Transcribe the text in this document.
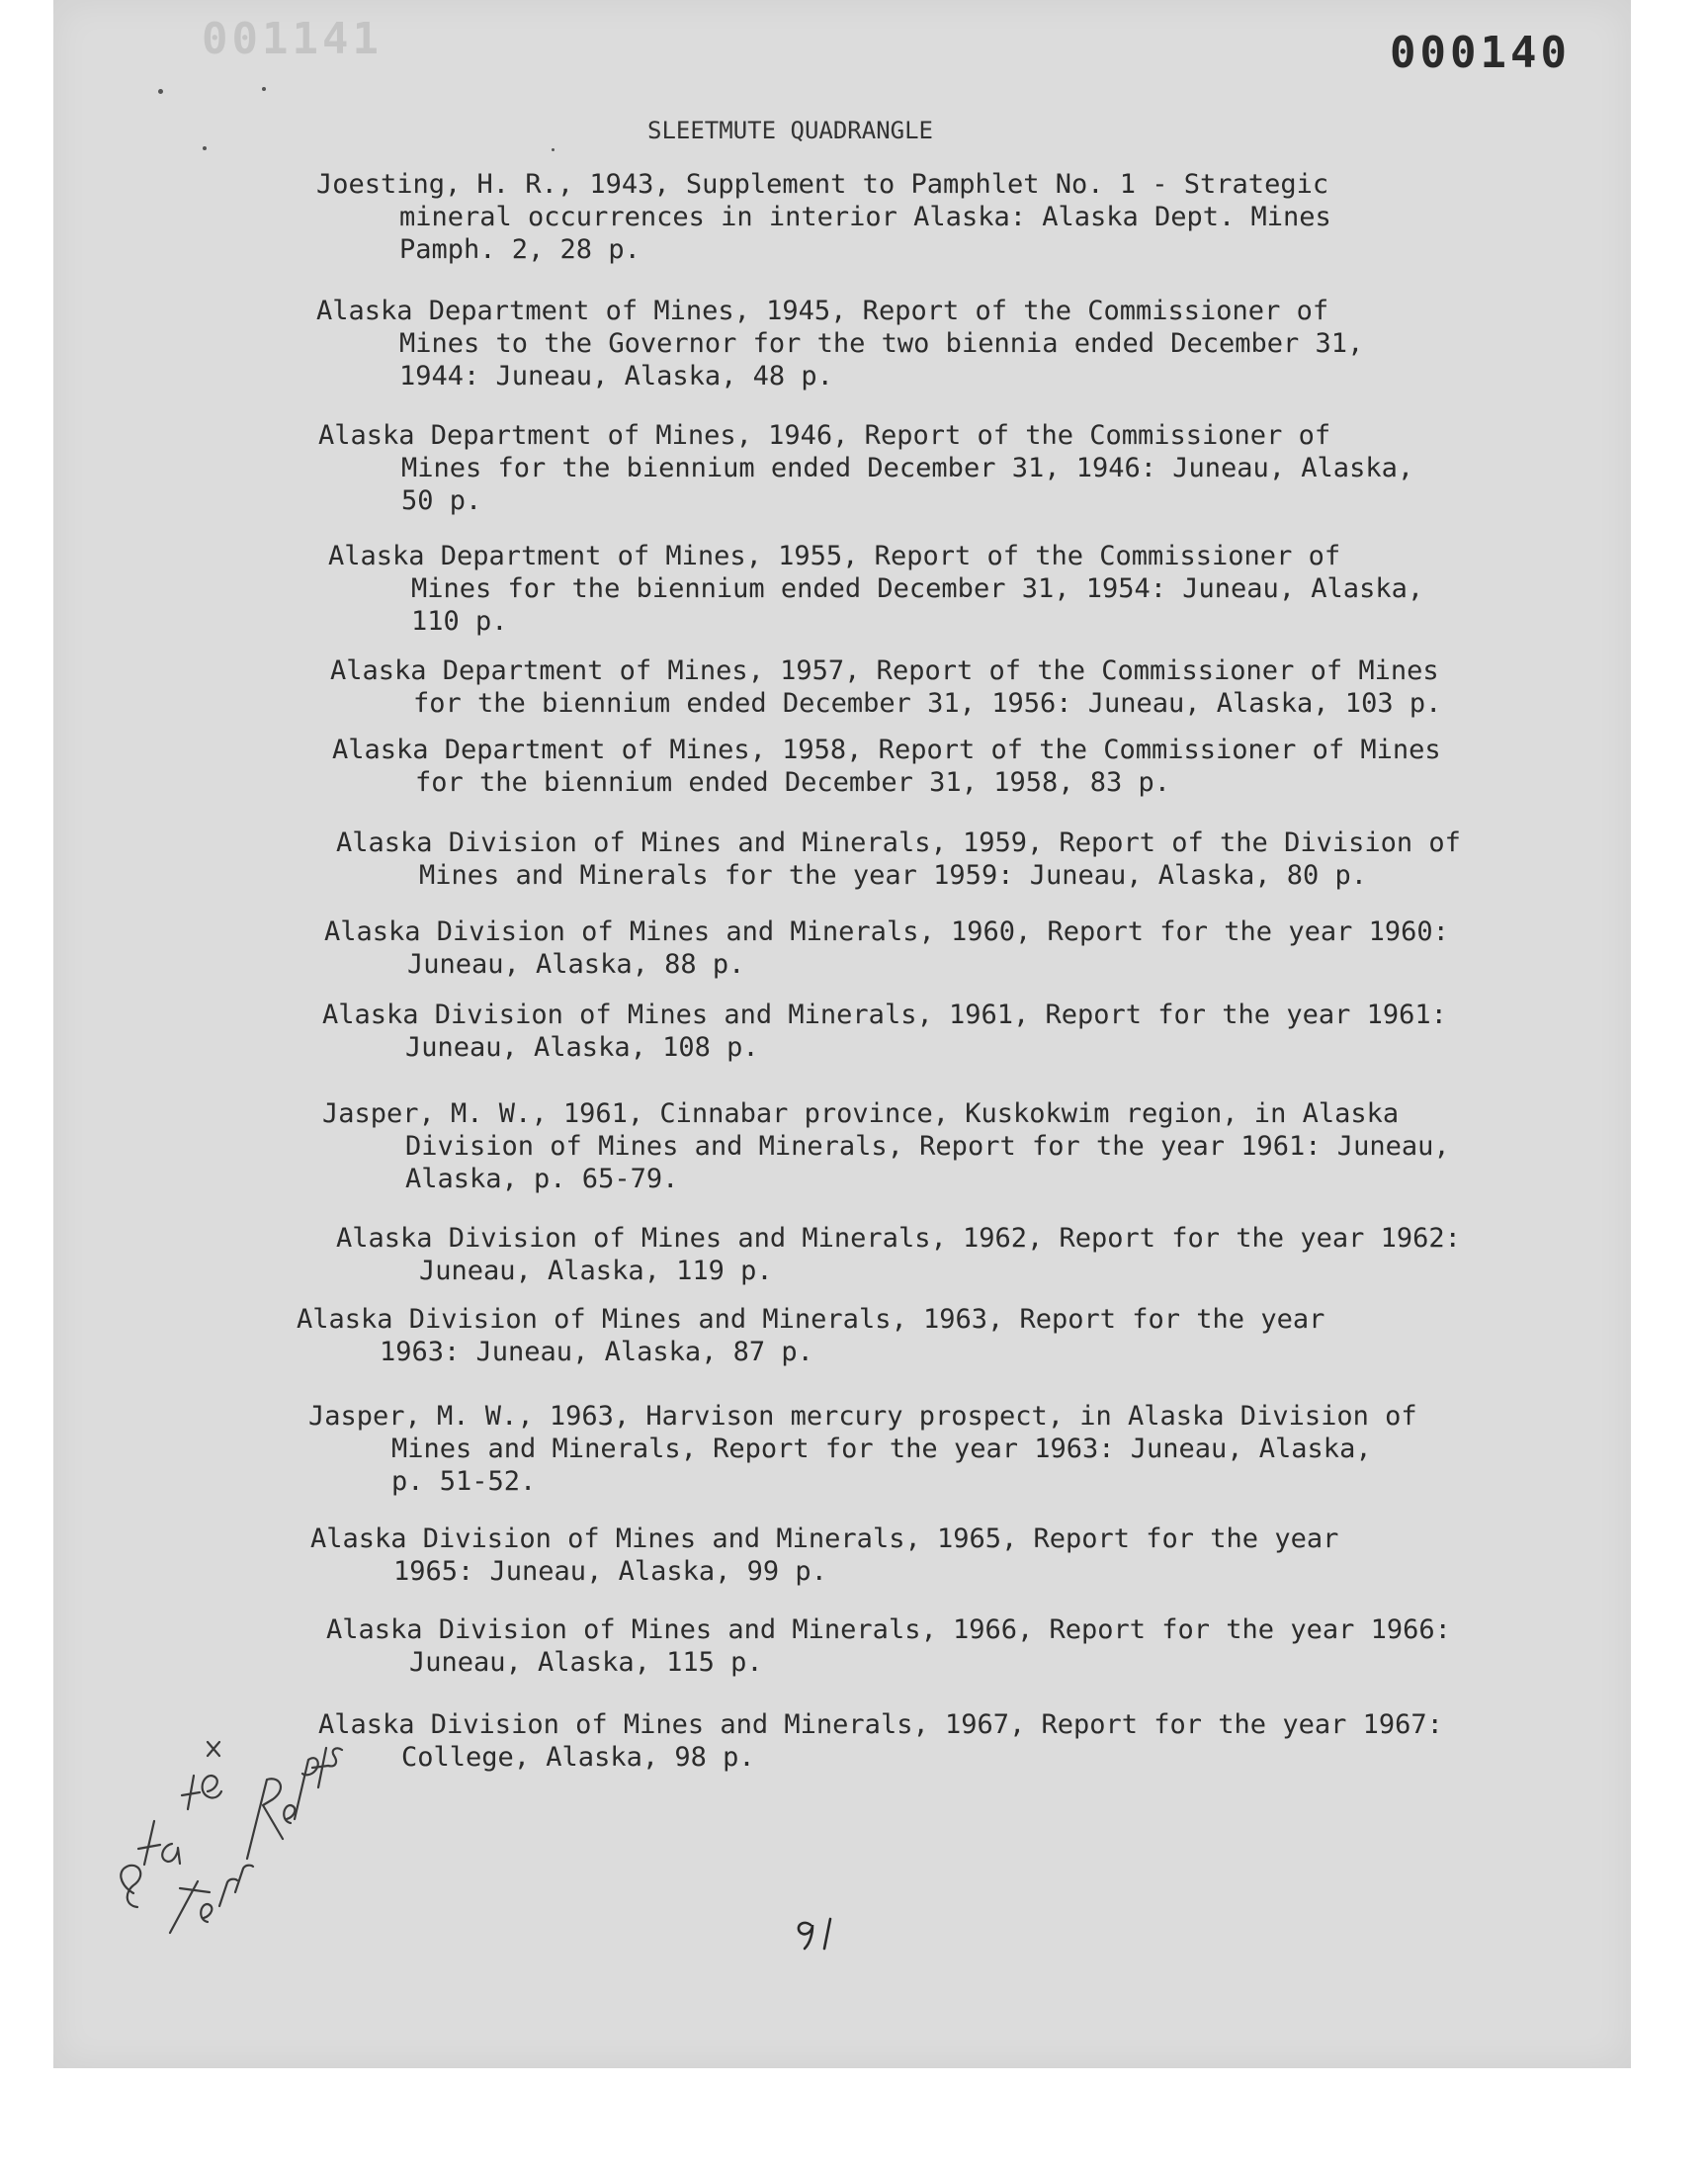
001141	000140
SLEETMUTE QUADRANGLE
Joesting, H. R., 1943, Supplement to Pamphlet No. 1 - Strategic
mineral occurrences in interior Alaska: Alaska Dept. Mines
Pamph. 2, 28 p.
Alaska Department of Mines, 1945, Report of the Commissioner of
Mines to the Governor for the two biennia ended December 31,
1944: Juneau, Alaska, 48 p.
Alaska Department of Mines, 1946, Report of the Commissioner of
Mines for the biennium ended December 31, 1946: Juneau, Alaska,
50 p.
Alaska Department of Mines, 1955, Report of the Commissioner of
Mines for the biennium ended December 31, 1954: Juneau, Alaska,
110 p.
Alaska Department of Mines, 1957, Report of the Commissioner of Mines
for the biennium ended December 31, 1956: Juneau, Alaska, 103 p.
Alaska Department of Mines, 1958, Report of the Commissioner of Mines
for the biennium ended December 31, 1958, 83 p.
Alaska Division of Mines and Minerals, 1959, Report of the Division of
Mines and Minerals for the year 1959: Juneau, Alaska, 80 p.
Alaska Division of Mines and Minerals, 1960, Report for the year 1960:
Juneau, Alaska, 88 p.
Alaska Division of Mines and Minerals, 1961, Report for the year 1961:
Juneau, Alaska, 108 p.
Jasper, M. W., 1961, Cinnabar province, Kuskokwim region, in Alaska
Division of Mines and Minerals, Report for the year 1961: Juneau,
Alaska, p. 65-79.
Alaska Division of Mines and Minerals, 1962, Report for the year 1962:
Juneau, Alaska, 119 p.
Alaska Division of Mines and Minerals, 1963, Report for the year
1963: Juneau, Alaska, 87 p.
Jasper, M. W., 1963, Harvison mercury prospect, in Alaska Division of
Mines and Minerals, Report for the year 1963: Juneau, Alaska,
p. 51-52.
Alaska Division of Mines and Minerals, 1965, Report for the year
1965: Juneau, Alaska, 99 p.
Alaska Division of Mines and Minerals, 1966, Report for the year 1966:
Juneau, Alaska, 115 p.
Alaska Division of Mines and Minerals, 1967, Report for the year 1967:
College, Alaska, 98 p.
